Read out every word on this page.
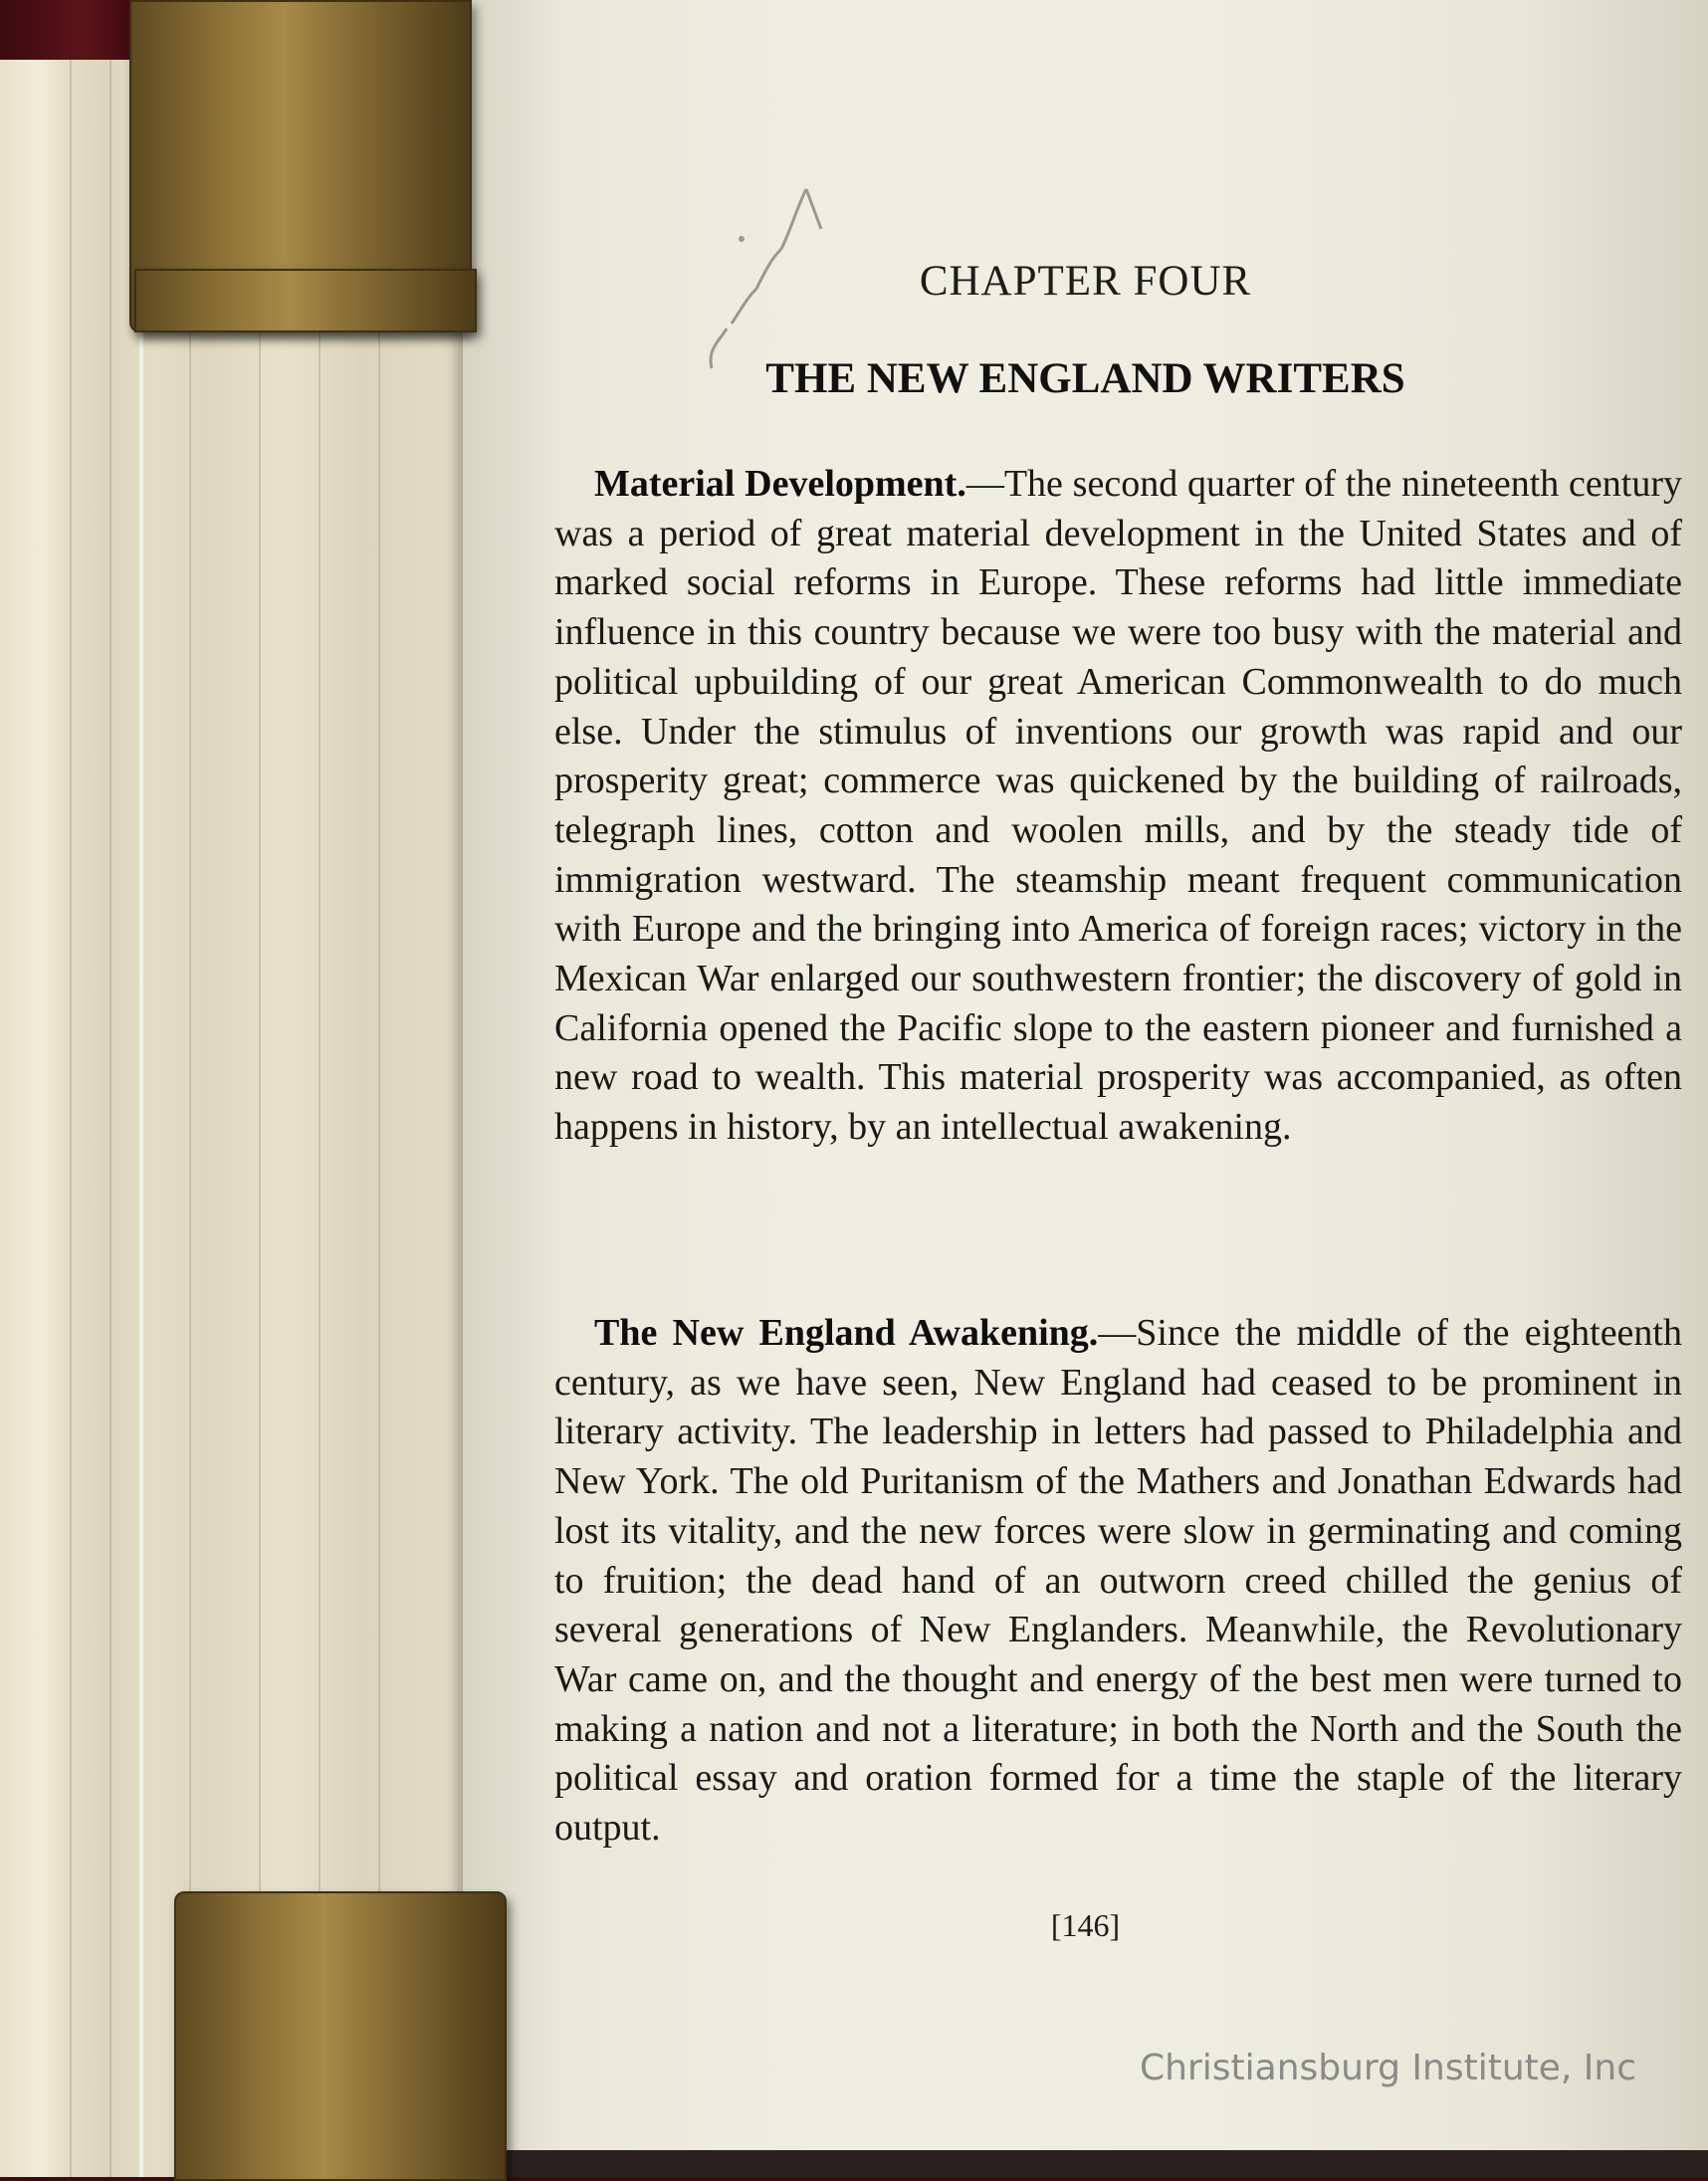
CHAPTER FOUR
THE NEW ENGLAND WRITERS
Material Development.—The second quarter of the nineteenth century was a period of great material development in the United States and of marked social reforms in Europe. These reforms had little immediate influence in this country because we were too busy with the material and political upbuilding of our great American Commonwealth to do much else. Under the stimulus of inventions our growth was rapid and our prosperity great; commerce was quickened by the building of railroads, telegraph lines, cotton and woolen mills, and by the steady tide of immigration westward. The steamship meant frequent communication with Europe and the bringing into America of foreign races; victory in the Mexican War enlarged our southwestern frontier; the discovery of gold in California opened the Pacific slope to the eastern pioneer and furnished a new road to wealth. This material prosperity was accompanied, as often happens in history, by an intellectual awakening.
The New England Awakening.—Since the middle of the eighteenth century, as we have seen, New England had ceased to be prominent in literary activity. The leadership in letters had passed to Philadelphia and New York. The old Puritanism of the Mathers and Jonathan Edwards had lost its vitality, and the new forces were slow in germinating and coming to fruition; the dead hand of an outworn creed chilled the genius of several generations of New Englanders. Meanwhile, the Revolutionary War came on, and the thought and energy of the best men were turned to making a nation and not a literature; in both the North and the South the political essay and oration formed for a time the staple of the literary output.
[146]
Christiansburg Institute, Inc
